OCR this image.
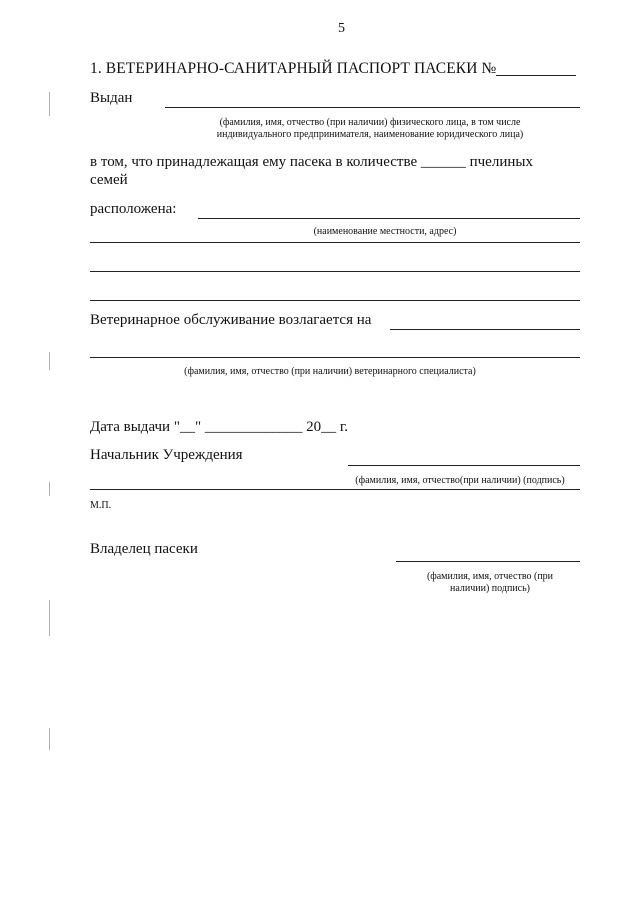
5
1. ВЕТЕРИНАРНО-САНИТАРНЫЙ ПАСПОРТ ПАСЕКИ №
Выдан
(фамилия, имя, отчество (при наличии) физического лица, в том числе
индивидуального предпринимателя, наименование юридического лица)
в том, что принадлежащая ему пасека в количестве ______ пчелиных
семей
расположена:
(наименование местности, адрес)
Ветеринарное обслуживание возлагается на
(фамилия, имя, отчество (при наличии) ветеринарного специалиста)
Дата выдачи "__" _____________ 20__ г.
Начальник Учреждения
(фамилия, имя, отчество(при наличии) (подпись)
М.П.
Владелец пасеки
(фамилия, имя, отчество (при
наличии) подпись)
